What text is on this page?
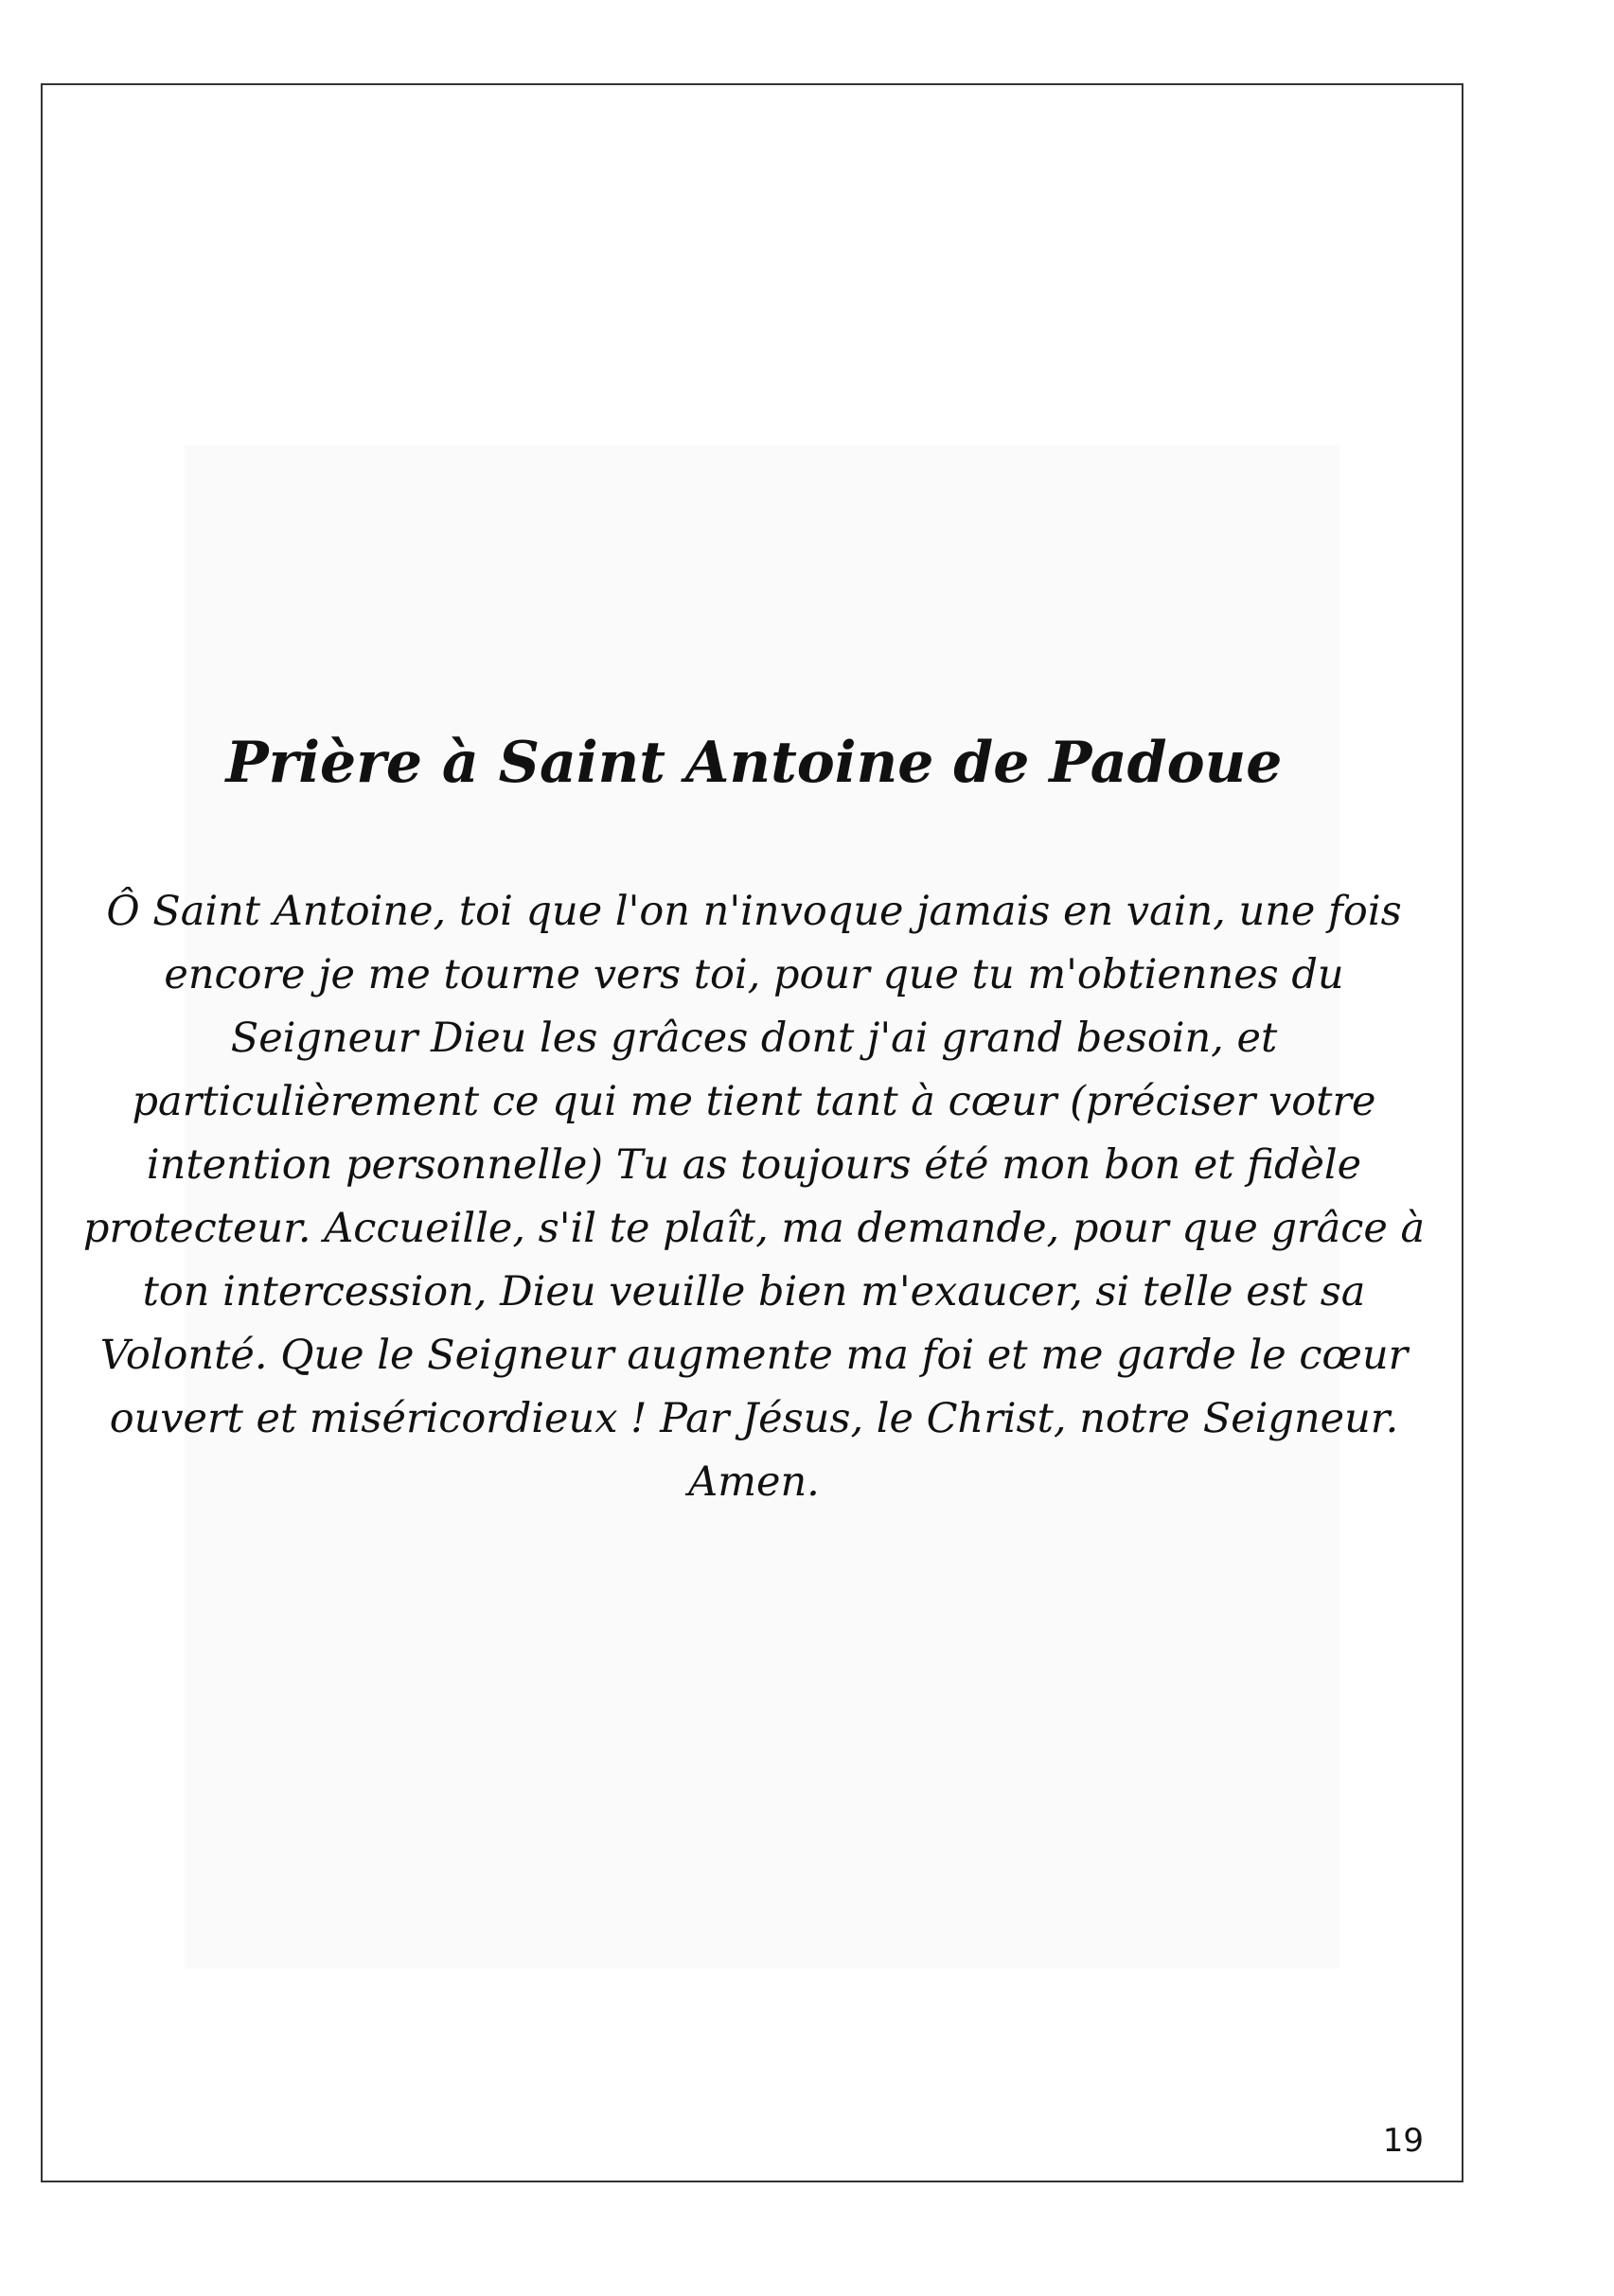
Prière à Saint Antoine de Padoue

Ô Saint Antoine, toi que l'on n'invoque jamais en vain, une fois encore je me tourne vers toi, pour que tu m'obtiennes du Seigneur Dieu les grâces dont j'ai grand besoin, et particulièrement ce qui me tient tant à cœur (préciser votre intention personnelle) Tu as toujours été mon bon et fidèle protecteur. Accueille, s'il te plaît, ma demande, pour que grâce à ton intercession, Dieu veuille bien m'exaucer, si telle est sa Volonté. Que le Seigneur augmente ma foi et me garde le cœur ouvert et miséricordieux ! Par Jésus, le Christ, notre Seigneur. Amen.

19
